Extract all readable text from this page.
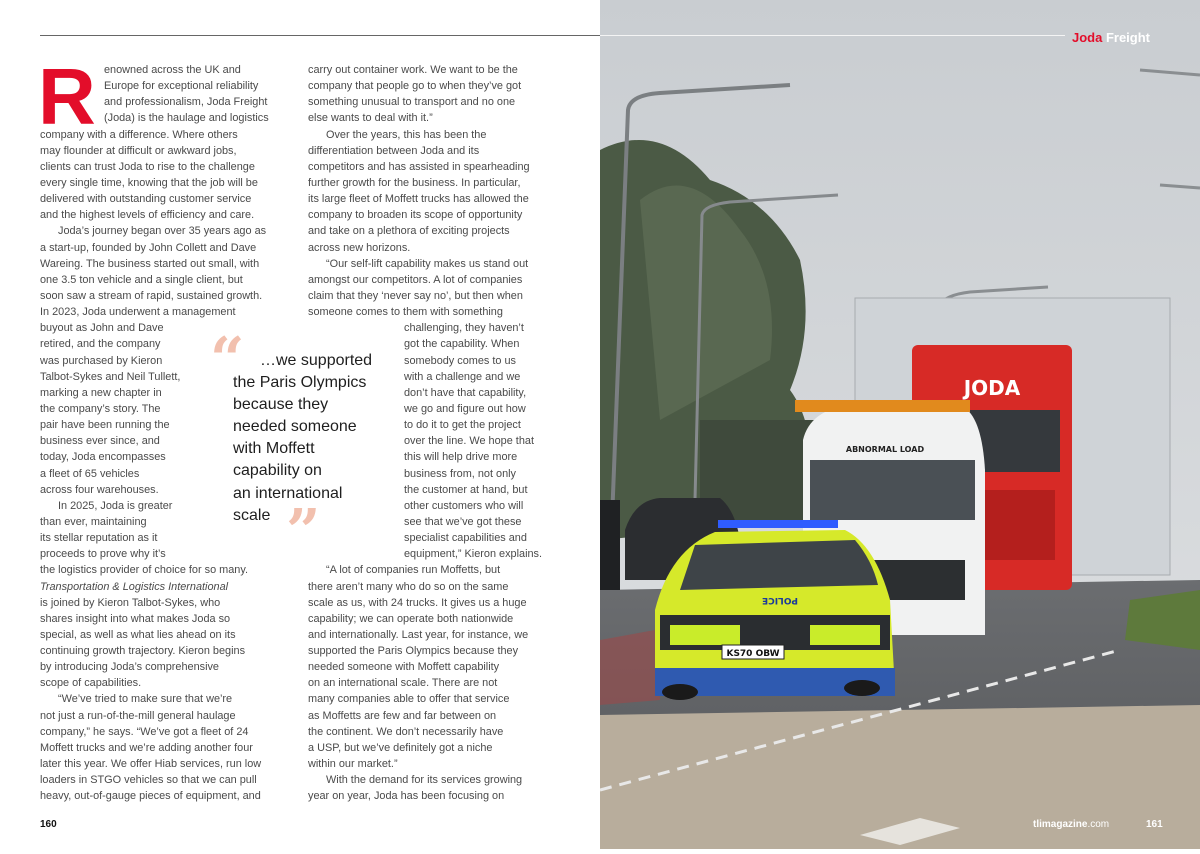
JODA
ABNORMAL LOAD
KS70 OBW
POLICE
Joda Freight
R enowned across the UK and
Europe for exceptional reliability
and professionalism, Joda Freight
(Joda) is the haulage and logistics
company with a difference. Where others
may flounder at difficult or awkward jobs,
clients can trust Joda to rise to the challenge
every single time, knowing that the job will be
delivered with outstanding customer service
and the highest levels of efficiency and care.
Joda’s journey began over 35 years ago as
a start-up, founded by John Collett and Dave
Wareing. The business started out small, with
one 3.5 ton vehicle and a single client, but
soon saw a stream of rapid, sustained growth.
In 2023, Joda underwent a management
buyout as John and Dave
retired, and the company
was purchased by Kieron
Talbot-Sykes and Neil Tullett,
marking a new chapter in
the company’s story. The
pair have been running the
business ever since, and
today, Joda encompasses
a fleet of 65 vehicles
across four warehouses.
In 2025, Joda is greater
than ever, maintaining
its stellar reputation as it
proceeds to prove why it’s
the logistics provider of choice for so many.
Transportation & Logistics International
is joined by Kieron Talbot-Sykes, who
shares insight into what makes Joda so
special, as well as what lies ahead on its
continuing growth trajectory. Kieron begins
by introducing Joda’s comprehensive
scope of capabilities.
“We’ve tried to make sure that we’re
not just a run-of-the-mill general haulage
company,” he says. “We’ve got a fleet of 24
Moffett trucks and we’re adding another four
later this year. We offer Hiab services, run low
loaders in STGO vehicles so that we can pull
heavy, out-of-gauge pieces of equipment, and
carry out container work. We want to be the
company that people go to when they’ve got
something unusual to transport and no one
else wants to deal with it.”
Over the years, this has been the
differentiation between Joda and its
competitors and has assisted in spearheading
further growth for the business. In particular,
its large fleet of Moffett trucks has allowed the
company to broaden its scope of opportunity
and take on a plethora of exciting projects
across new horizons.
“Our self-lift capability makes us stand out
amongst our competitors. A lot of companies
claim that they ‘never say no’, but then when
someone comes to them with something
challenging, they haven’t
got the capability. When
somebody comes to us
with a challenge and we
don’t have that capability,
we go and figure out how
to do it to get the project
over the line. We hope that
this will help drive more
business from, not only
the customer at hand, but
other customers who will
see that we’ve got these
specialist capabilities and
equipment,” Kieron explains.
“A lot of companies run Moffetts, but
there aren’t many who do so on the same
scale as us, with 24 trucks. It gives us a huge
capability; we can operate both nationwide
and internationally. Last year, for instance, we
supported the Paris Olympics because they
needed someone with Moffett capability
on an international scale. There are not
many companies able to offer that service
as Moffetts are few and far between on
the continent. We don’t necessarily have
a USP, but we’ve definitely got a niche
within our market.”
With the demand for its services growing
year on year, Joda has been focusing on
“ …we supported
the Paris Olympics
because they
needed someone
with Moffett
capability on
an international
scale ”
160	tlimagazine.com	161
